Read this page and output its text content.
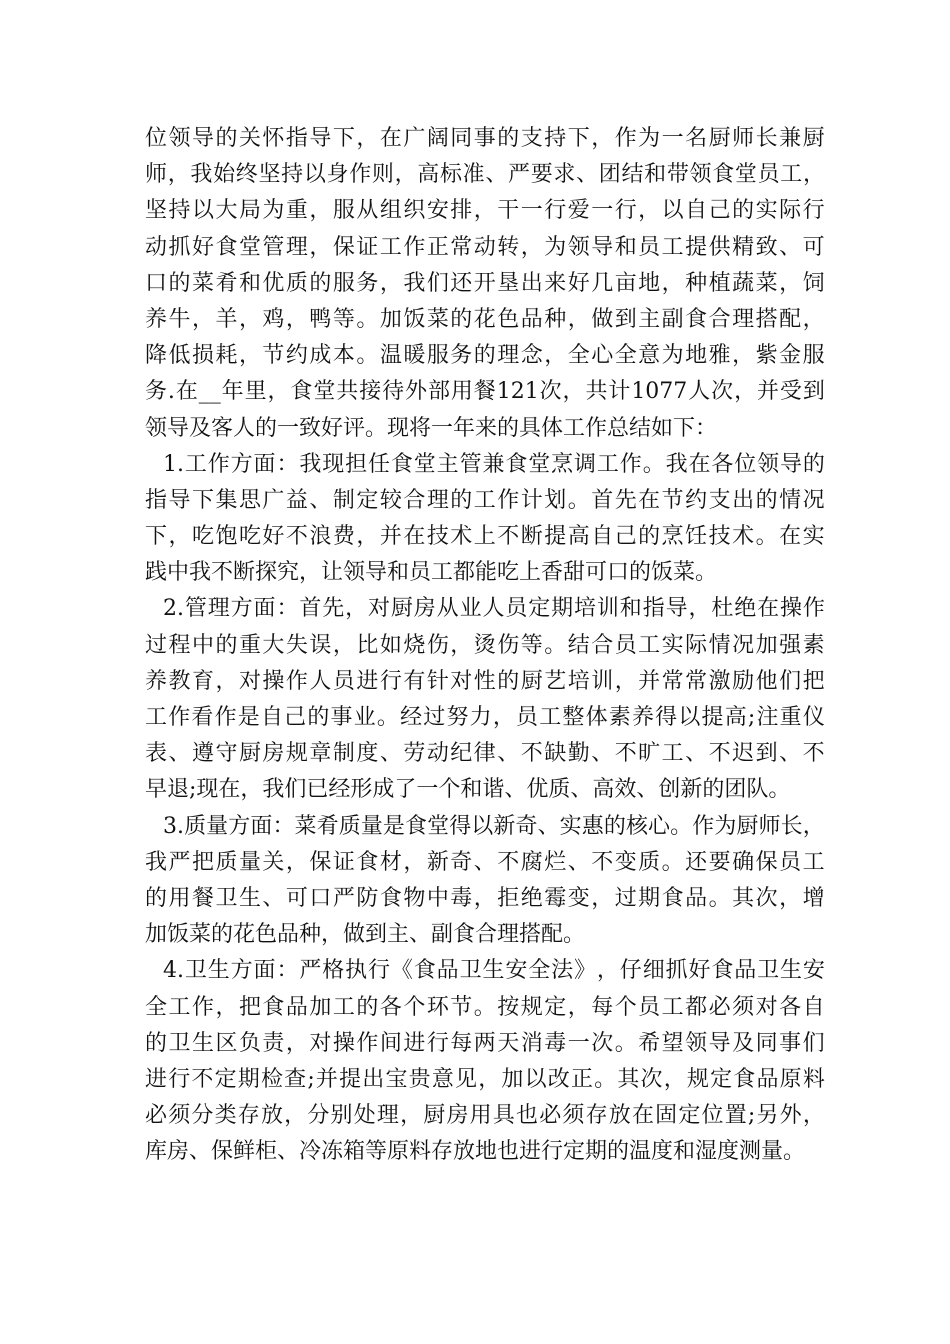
位 领 导 的 关 怀 指 导 下 ， 在 广 阔 同 事 的 支 持 下 ， 作 为 一 名 厨 师 长 兼 厨
师 ， 我 始 终 坚 持 以 身 作 则 ， 高 标 准 、 严 要 求 、 团 结 和 带 领 食 堂 员 工 ，
坚 持 以 大 局 为 重 ， 服 从 组 织 安 排 ， 干 一 行 爱 一 行 ， 以 自 己 的 实 际 行
动 抓 好 食 堂 管 理 ， 保 证 工 作 正 常 动 转 ， 为 领 导 和 员 工 提 供 精 致 、 可
口 的 菜 肴 和 优 质 的 服 务 ， 我 们 还 开 垦 出 来 好 几 亩 地 ， 种 植 蔬 菜 ， 饲
养 牛 ， 羊 ， 鸡 ， 鸭 等 。 加 饭 菜 的 花 色 品 种 ， 做 到 主 副 食 合 理 搭 配 ，
降 低 损 耗 ， 节 约 成 本 。 温 暖 服 务 的 理 念 ， 全 心 全 意 为 地 雅 ， 紫 金 服
务 . 在 __ 年 里 ， 食 堂 共 接 待 外 部 用 餐 121 次 ， 共 计 1077 人 次 ， 并 受 到
领导及客人的一致好评。现将一年来的具体工作总结如下：
1. 工 作 方 面 ： 我 现 担 任 食 堂 主 管 兼 食 堂 烹 调 工 作 。 我 在 各 位 领 导 的
指 导 下 集 思 广 益 、 制 定 较 合 理 的 工 作 计 划 。 首 先 在 节 约 支 出 的 情 况
下 ， 吃 饱 吃 好 不 浪 费 ， 并 在 技 术 上 不 断 提 高 自 己 的 烹 饪 技 术 。 在 实
践中我不断探究，让领导和员工都能吃上香甜可口的饭菜。
2. 管 理 方 面 ： 首 先 ， 对 厨 房 从 业 人 员 定 期 培 训 和 指 导 ， 杜 绝 在 操 作
过 程 中 的 重 大 失 误 ， 比 如 烧 伤 ， 烫 伤 等 。 结 合 员 工 实 际 情 况 加 强 素
养 教 育 ， 对 操 作 人 员 进 行 有 针 对 性 的 厨 艺 培 训 ， 并 常 常 激 励 他 们 把
工 作 看 作 是 自 己 的 事 业 。 经 过 努 力 ， 员 工 整 体 素 养 得 以 提 高 ; 注 重 仪
表 、 遵 守 厨 房 规 章 制 度 、 劳 动 纪 律 、 不 缺 勤 、 不 旷 工 、 不 迟 到 、 不
早退;现在，我们已经形成了一个和谐、优质、高效、创新的团队。
3. 质 量 方 面 ： 菜 肴 质 量 是 食 堂 得 以 新 奇 、 实 惠 的 核 心 。 作 为 厨 师 长 ，
我 严 把 质 量 关 ， 保 证 食 材 ， 新 奇 、 不 腐 烂 、 不 变 质 。 还 要 确 保 员 工
的 用 餐 卫 生 、 可 口 严 防 食 物 中 毒 ， 拒 绝 霉 变 ， 过 期 食 品 。 其 次 ， 增
加饭菜的花色品种，做到主、副食合理搭配。
4. 卫 生 方 面 ： 严 格 执 行 《 食 品 卫 生 安 全 法 》 ， 仔 细 抓 好 食 品 卫 生 安
全 工 作 ， 把 食 品 加 工 的 各 个 环 节 。 按 规 定 ， 每 个 员 工 都 必 须 对 各 自
的 卫 生 区 负 责 ， 对 操 作 间 进 行 每 两 天 消 毒 一 次 。 希 望 领 导 及 同 事 们
进 行 不 定 期 检 查 ; 并 提 出 宝 贵 意 见 ， 加 以 改 正 。 其 次 ， 规 定 食 品 原 料
必 须 分 类 存 放 ， 分 别 处 理 ， 厨 房 用 具 也 必 须 存 放 在 固 定 位 置 ; 另 外 ，
库房、保鲜柜、冷冻箱等原料存放地也进行定期的温度和湿度测量。
